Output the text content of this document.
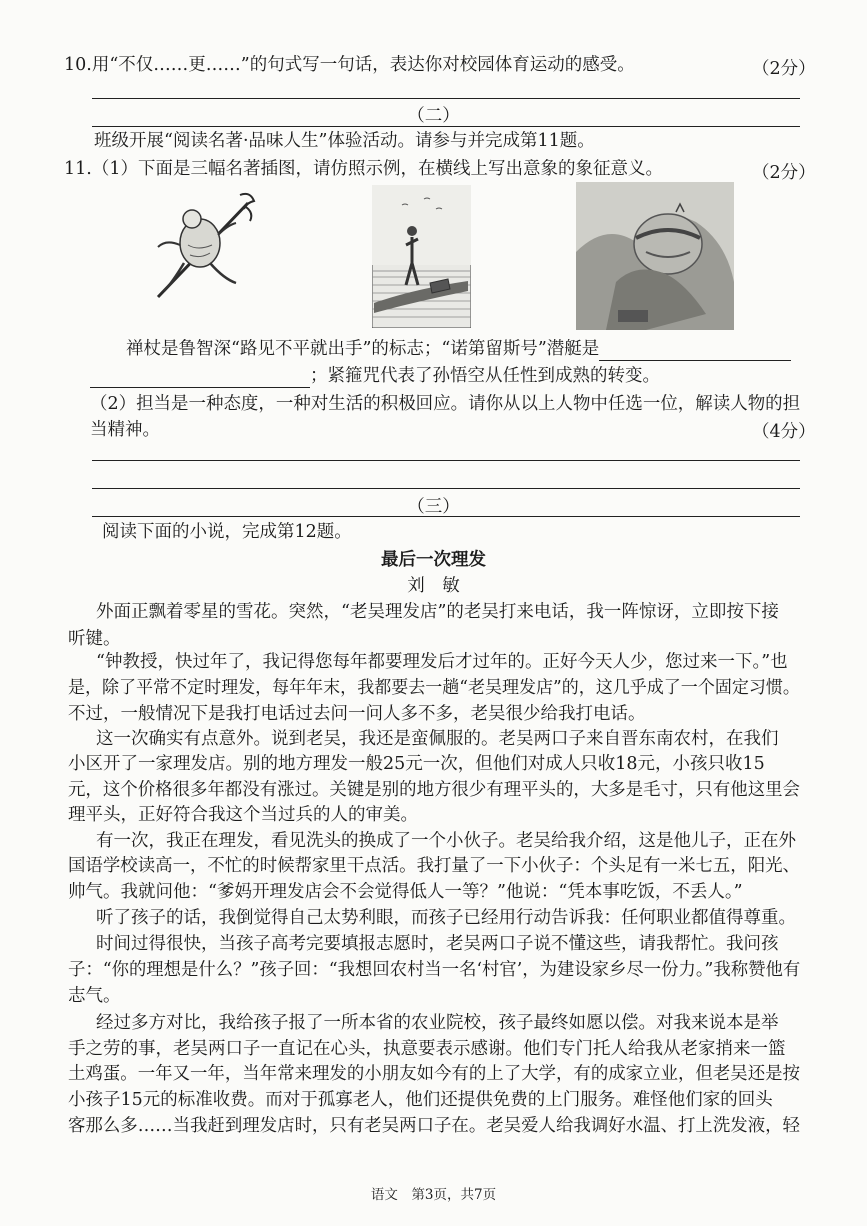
10.用“不仅……更……”的句式写一句话，表达你对校园体育运动的感受。	（2分）
（二）
班级开展“阅读名著·品味人生”体验活动。请参与并完成第11题。
11.（1）下面是三幅名著插图，请仿照示例，在横线上写出意象的象征意义。	（2分）
禅杖是鲁智深“路见不平就出手”的标志；“诺第留斯号”潜艇是
；紧箍咒代表了孙悟空从任性到成熟的转变。
（2）担当是一种态度，一种对生活的积极回应。请你从以上人物中任选一位，解读人物的担
当精神。	（4分）
（三）
阅读下面的小说，完成第12题。
最后一次理发
刘　敏
外面正飘着零星的雪花。突然，“老吴理发店”的老吴打来电话，我一阵惊讶，立即按下接
听键。
“钟教授，快过年了，我记得您每年都要理发后才过年的。正好今天人少，您过来一下。”也
是，除了平常不定时理发，每年年末，我都要去一趟“老吴理发店”的，这几乎成了一个固定习惯。
不过，一般情况下是我打电话过去问一问人多不多，老吴很少给我打电话。
这一次确实有点意外。说到老吴，我还是蛮佩服的。老吴两口子来自晋东南农村，在我们
小区开了一家理发店。别的地方理发一般25元一次，但他们对成人只收18元，小孩只收15
元，这个价格很多年都没有涨过。关键是别的地方很少有理平头的，大多是毛寸，只有他这里会
理平头，正好符合我这个当过兵的人的审美。
有一次，我正在理发，看见洗头的换成了一个小伙子。老吴给我介绍，这是他儿子，正在外
国语学校读高一，不忙的时候帮家里干点活。我打量了一下小伙子：个头足有一米七五，阳光、
帅气。我就问他：“爹妈开理发店会不会觉得低人一等？”他说：“凭本事吃饭，不丢人。”
听了孩子的话，我倒觉得自己太势利眼，而孩子已经用行动告诉我：任何职业都值得尊重。
时间过得很快，当孩子高考完要填报志愿时，老吴两口子说不懂这些，请我帮忙。我问孩
子：“你的理想是什么？”孩子回：“我想回农村当一名‘村官’，为建设家乡尽一份力。”我称赞他有
志气。
经过多方对比，我给孩子报了一所本省的农业院校，孩子最终如愿以偿。对我来说本是举
手之劳的事，老吴两口子一直记在心头，执意要表示感谢。他们专门托人给我从老家捎来一篮
土鸡蛋。一年又一年，当年常来理发的小朋友如今有的上了大学，有的成家立业，但老吴还是按
小孩子15元的标准收费。而对于孤寡老人，他们还提供免费的上门服务。难怪他们家的回头
客那么多……当我赶到理发店时，只有老吴两口子在。老吴爱人给我调好水温、打上洗发液，轻
语文　第3页，共7页
